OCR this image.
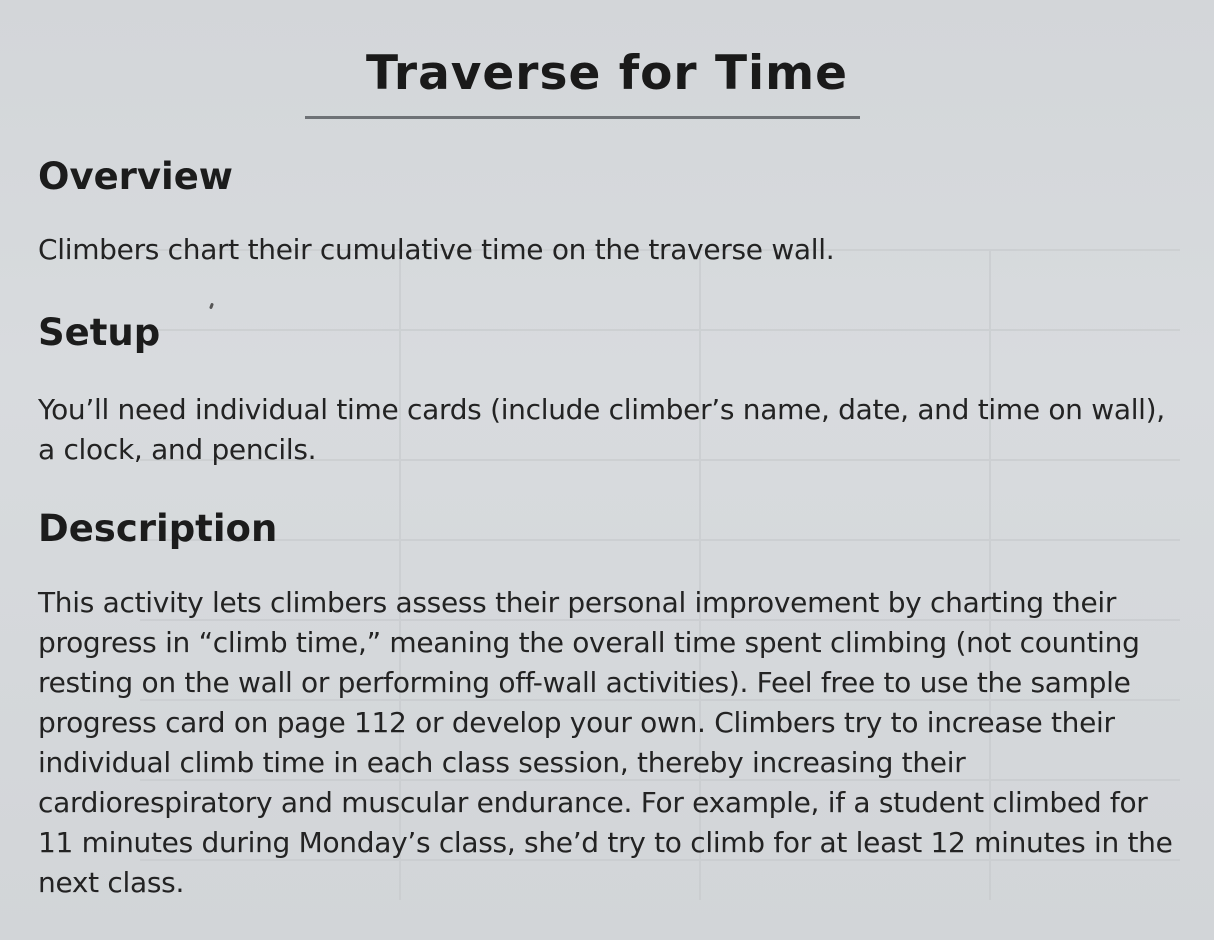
Traverse for Time
Overview

Climbers chart their cumulative time on the traverse wall.

Setup

You’ll need individual time cards (include climber’s name, date, and time on wall), a clock, and pencils.

Description

This activity lets climbers assess their personal improvement by charting their progress in “climb time,” meaning the overall time spent climbing (not counting resting on the wall or performing off-wall activities). Feel free to use the sample progress card on page 112 or develop your own. Climbers try to increase their individual climb time in each class session, thereby increasing their cardiorespiratory and muscular endurance. For example, if a student climbed for 11 minutes during Monday’s class, she’d try to climb for at least 12 minutes in the next class.
